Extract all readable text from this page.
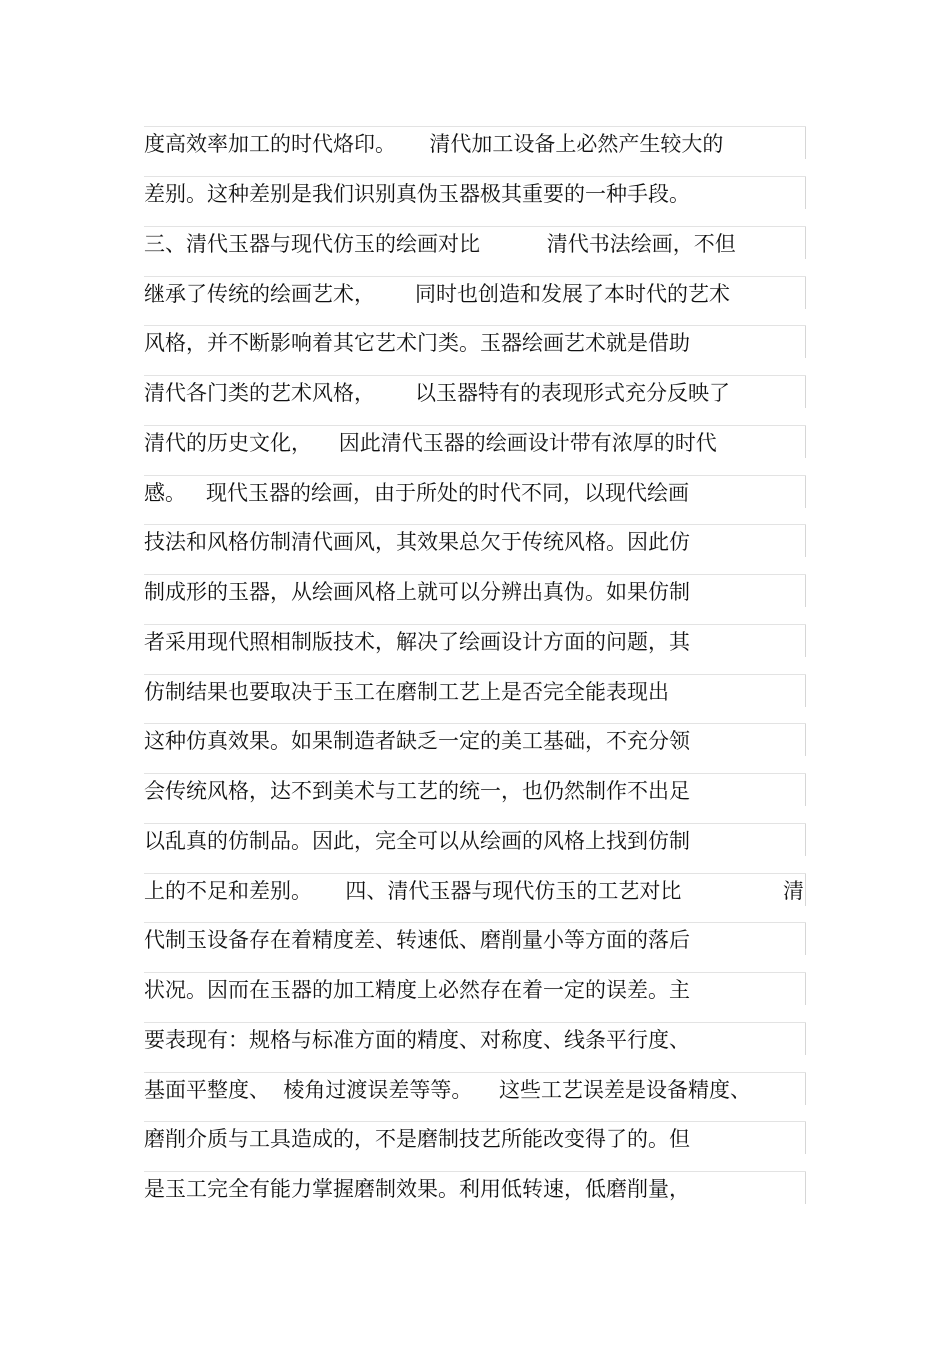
度高效率加工的时代烙印。     清代加工设备上必然产生较大的
差别。这种差别是我们识别真伪玉器极其重要的一种手段。
三、清代玉器与现代仿玉的绘画对比          清代书法绘画，不但
继承了传统的绘画艺术，      同时也创造和发展了本时代的艺术
风格，并不断影响着其它艺术门类。玉器绘画艺术就是借助
清代各门类的艺术风格，      以玉器特有的表现形式充分反映了
清代的历史文化，    因此清代玉器的绘画设计带有浓厚的时代
感。   现代玉器的绘画，由于所处的时代不同，以现代绘画
技法和风格仿制清代画风，其效果总欠于传统风格。因此仿
制成形的玉器，从绘画风格上就可以分辨出真伪。如果仿制
者采用现代照相制版技术，解决了绘画设计方面的问题，其
仿制结果也要取决于玉工在磨制工艺上是否完全能表现出
这种仿真效果。如果制造者缺乏一定的美工基础，不充分领
会传统风格，达不到美术与工艺的统一，也仍然制作不出足
以乱真的仿制品。因此，完全可以从绘画的风格上找到仿制
上的不足和差别。     四、清代玉器与现代仿玉的工艺对比	清
代制玉设备存在着精度差、转速低、磨削量小等方面的落后
状况。因而在玉器的加工精度上必然存在着一定的误差。主
要表现有：规格与标准方面的精度、对称度、线条平行度、
基面平整度、  棱角过渡误差等等。    这些工艺误差是设备精度、
磨削介质与工具造成的，不是磨制技艺所能改变得了的。但
是玉工完全有能力掌握磨制效果。利用低转速，低磨削量，
